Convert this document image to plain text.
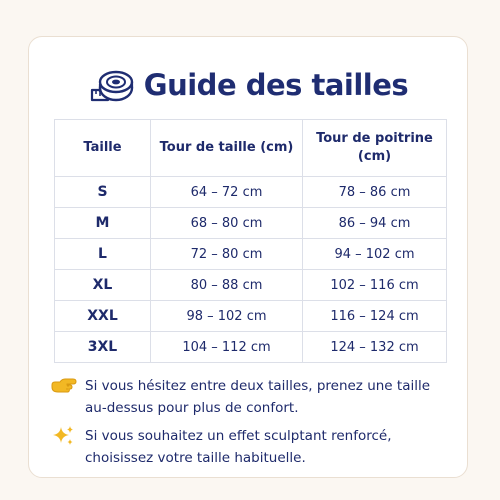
Guide des tailles
Taille	Tour de taille (cm)	Tour de poitrine (cm)
S	64 – 72 cm	78 – 86 cm
M	68 – 80 cm	86 – 94 cm
L	72 – 80 cm	94 – 102 cm
XL	80 – 88 cm	102 – 116 cm
XXL	98 – 102 cm	116 – 124 cm
3XL	104 – 112 cm	124 – 132 cm
Si vous hésitez entre deux tailles, prenez une taille au-dessus pour plus de confort.
Si vous souhaitez un effet sculptant renforcé, choisissez votre taille habituelle.
